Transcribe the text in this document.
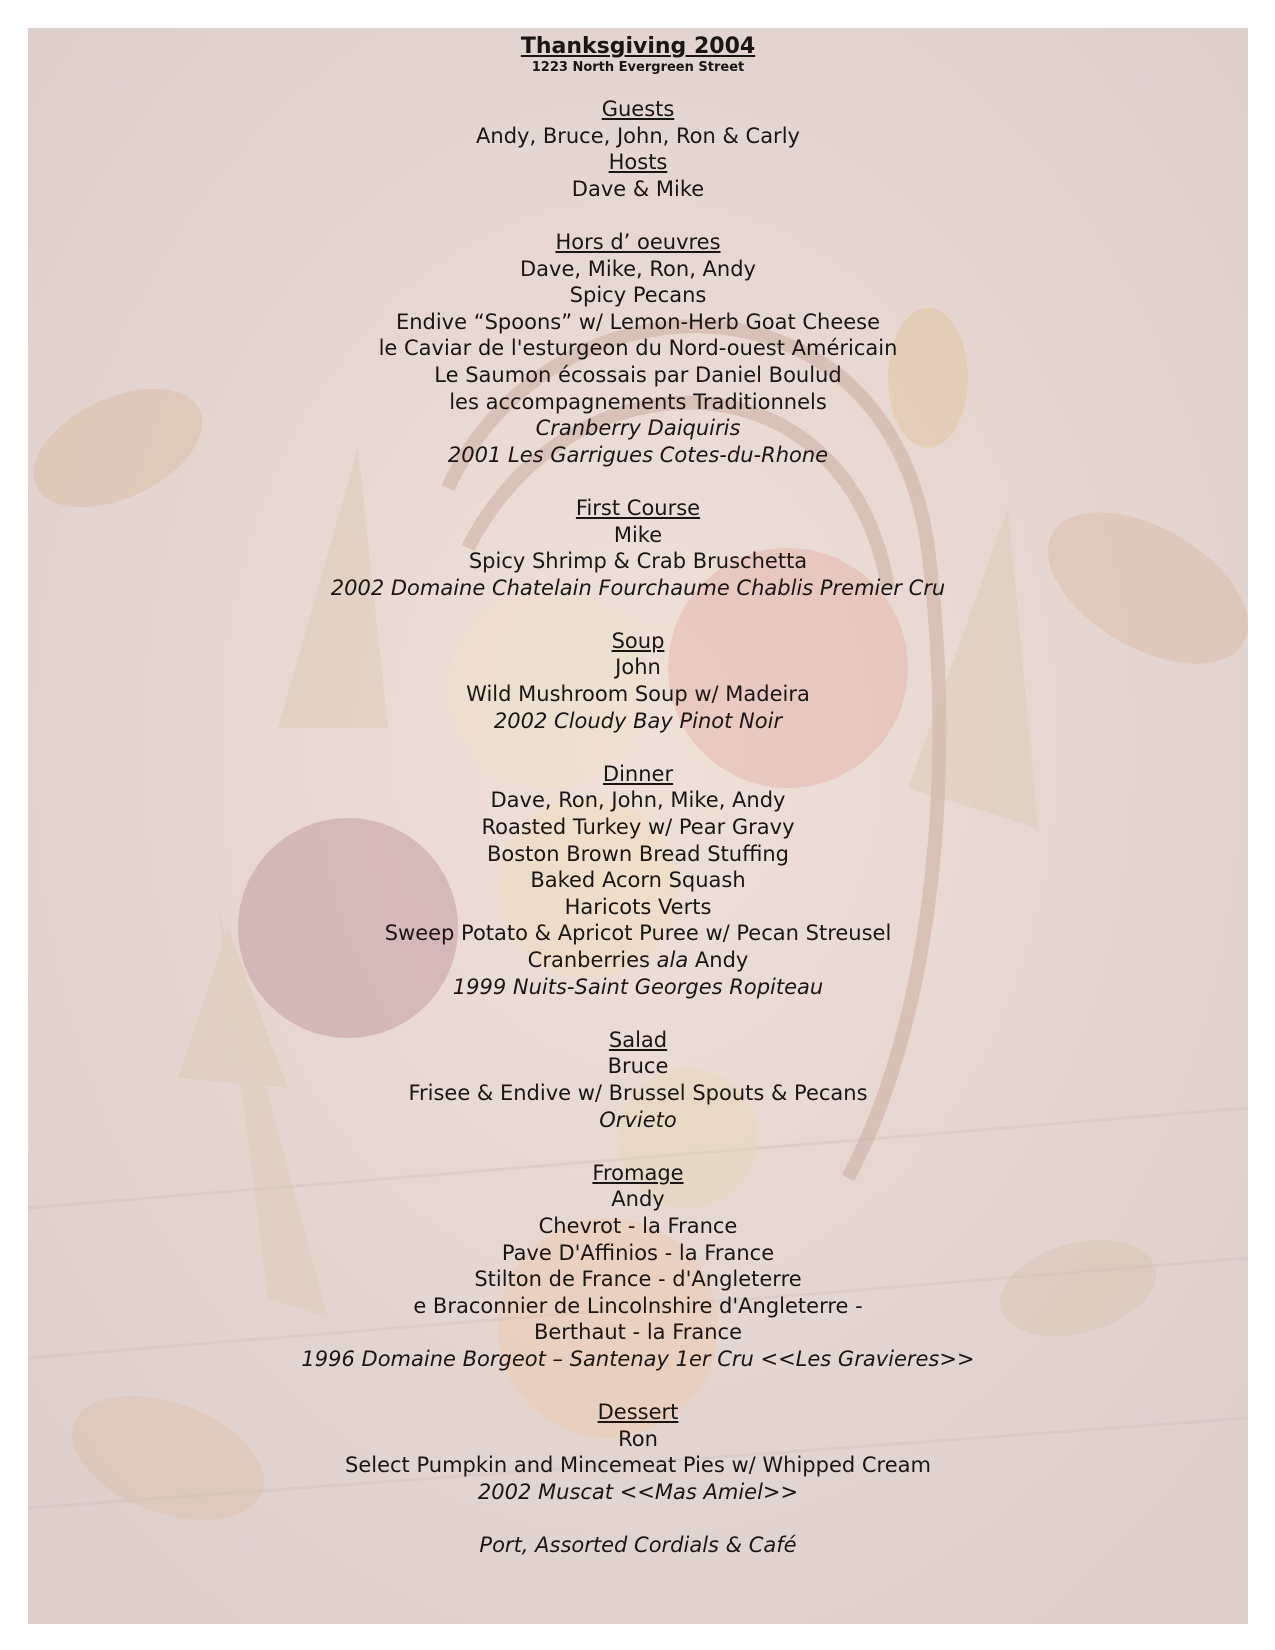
Thanksgiving 2004
1223 North Evergreen Street
Guests
Andy, Bruce, John, Ron & Carly
Hosts
Dave & Mike
Hors d’ oeuvres
Dave, Mike, Ron, Andy
Spicy Pecans
Endive “Spoons” w/ Lemon-Herb Goat Cheese
le Caviar de l'esturgeon du Nord-ouest Américain
Le Saumon écossais par Daniel Boulud
les accompagnements Traditionnels
Cranberry Daiquiris
2001 Les Garrigues Cotes-du-Rhone
First Course
Mike
Spicy Shrimp & Crab Bruschetta
2002 Domaine Chatelain Fourchaume Chablis Premier Cru
Soup
John
Wild Mushroom Soup w/ Madeira
2002 Cloudy Bay Pinot Noir
Dinner
Dave, Ron, John, Mike, Andy
Roasted Turkey w/ Pear Gravy
Boston Brown Bread Stuffing
Baked Acorn Squash
Haricots Verts
Sweep Potato & Apricot Puree w/ Pecan Streusel
Cranberries ala Andy
1999 Nuits-Saint Georges Ropiteau
Salad
Bruce
Frisee & Endive w/ Brussel Spouts & Pecans
Orvieto
Fromage
Andy
Chevrot - la France
Pave D'Affinios - la France
Stilton de France - d'Angleterre
e Braconnier de Lincolnshire d'Angleterre -
Berthaut - la France
1996 Domaine Borgeot – Santenay 1er Cru <<Les Gravieres>>
Dessert
Ron
Select Pumpkin and Mincemeat Pies w/ Whipped Cream
2002 Muscat <<Mas Amiel>>
Port, Assorted Cordials & Café
